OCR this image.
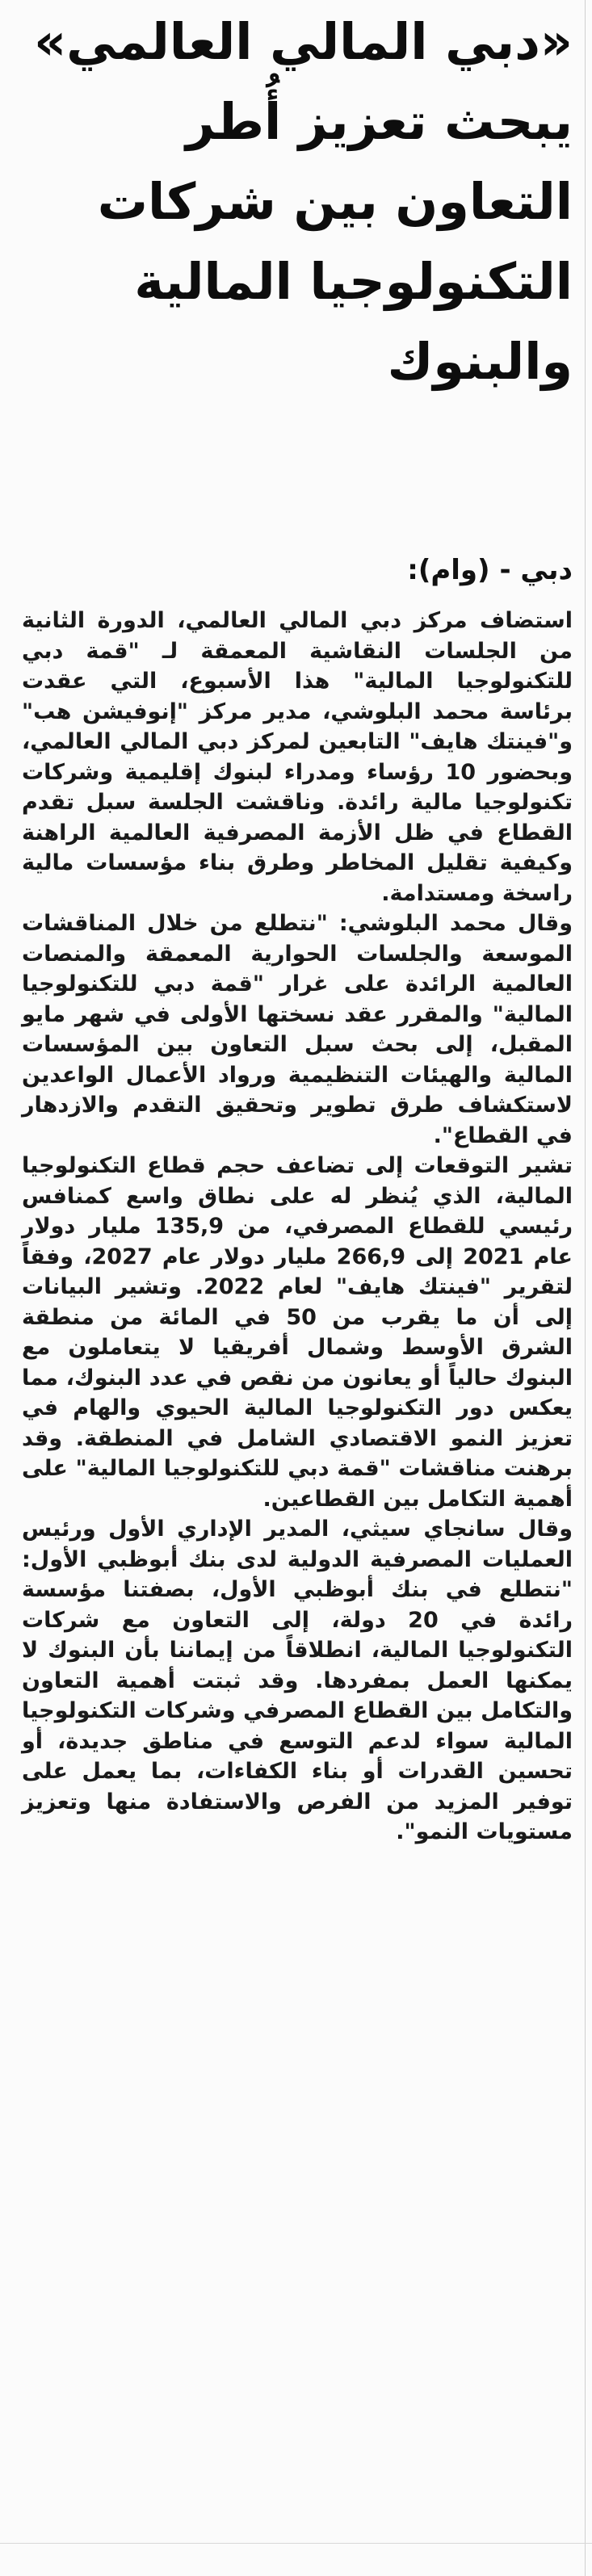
«دبي المالي العالمي» يبحث تعزيز أُطر التعاون بين شركات التكنولوجيا المالية والبنوك
دبي - (وام):

استضاف مركز دبي المالي العالمي، الدورة الثانية من الجلسات النقاشية المعمقة لـ "قمة دبي للتكنولوجيا المالية" هذا الأسبوع، التي عقدت برئاسة محمد البلوشي، مدير مركز "إنوفيشن هب" و"فينتك هايف" التابعين لمركز دبي المالي العالمي، وبحضور 10 رؤساء ومدراء لبنوك إقليمية وشركات تكنولوجيا مالية رائدة. وناقشت الجلسة سبل تقدم القطاع في ظل الأزمة المصرفية العالمية الراهنة وكيفية تقليل المخاطر وطرق بناء مؤسسات مالية راسخة ومستدامة.

وقال محمد البلوشي: "نتطلع من خلال المناقشات الموسعة والجلسات الحوارية المعمقة والمنصات العالمية الرائدة على غرار "قمة دبي للتكنولوجيا المالية" والمقرر عقد نسختها الأولى في شهر مايو المقبل، إلى بحث سبل التعاون بين المؤسسات المالية والهيئات التنظيمية ورواد الأعمال الواعدين لاستكشاف طرق تطوير وتحقيق التقدم والازدهار في القطاع".

تشير التوقعات إلى تضاعف حجم قطاع التكنولوجيا المالية، الذي يُنظر له على نطاق واسع كمنافس رئيسي للقطاع المصرفي، من 135,9 مليار دولار عام 2021 إلى 266,9 مليار دولار عام 2027، وفقاً لتقرير "فينتك هايف" لعام 2022. وتشير البيانات إلى أن ما يقرب من 50 في المائة من منطقة الشرق الأوسط وشمال أفريقيا لا يتعاملون مع البنوك حالياً أو يعانون من نقص في عدد البنوك، مما يعكس دور التكنولوجيا المالية الحيوي والهام في تعزيز النمو الاقتصادي الشامل في المنطقة. وقد برهنت مناقشات "قمة دبي للتكنولوجيا المالية" على أهمية التكامل بين القطاعين.

وقال سانجاي سيثي، المدير الإداري الأول ورئيس العمليات المصرفية الدولية لدى بنك أبوظبي الأول: "نتطلع في بنك أبوظبي الأول، بصفتنا مؤسسة رائدة في 20 دولة، إلى التعاون مع شركات التكنولوجيا المالية، انطلاقاً من إيماننا بأن البنوك لا يمكنها العمل بمفردها. وقد ثبتت أهمية التعاون والتكامل بين القطاع المصرفي وشركات التكنولوجيا المالية سواء لدعم التوسع في مناطق جديدة، أو تحسين القدرات أو بناء الكفاءات، بما يعمل على توفير المزيد من الفرص والاستفادة منها وتعزيز مستويات النمو".
